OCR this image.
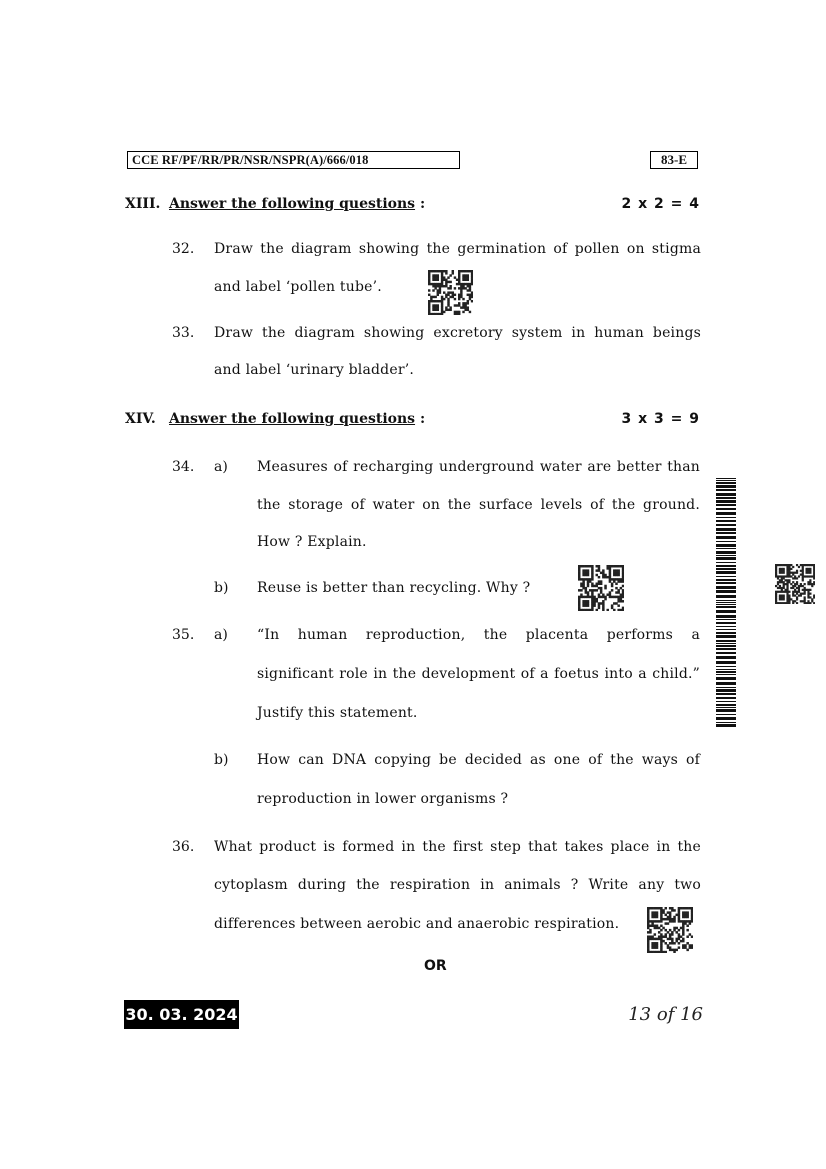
CCE RF/PF/RR/PR/NSR/NSPR(A)/666/018	83-E
XIII. Answer the following questions :	2 x 2 = 4
32. Draw the diagram showing the germination of pollen on stigma
and label ‘pollen tube’.
33. Draw the diagram showing excretory system in human beings
and label ‘urinary bladder’.
XIV. Answer the following questions :	3 x 3 = 9
34. a) Measures of recharging underground water are better than
the storage of water on the surface levels of the ground.
How ? Explain.
b) Reuse is better than recycling. Why ?
35. a) “In human reproduction, the placenta performs a
significant role in the development of a foetus into a child.”
Justify this statement.
b) How can DNA copying be decided as one of the ways of
reproduction in lower organisms ?
36. What product is formed in the first step that takes place in the
cytoplasm during the respiration in animals ? Write any two
differences between aerobic and anaerobic respiration.
OR
30. 03. 2024	13 of 16
